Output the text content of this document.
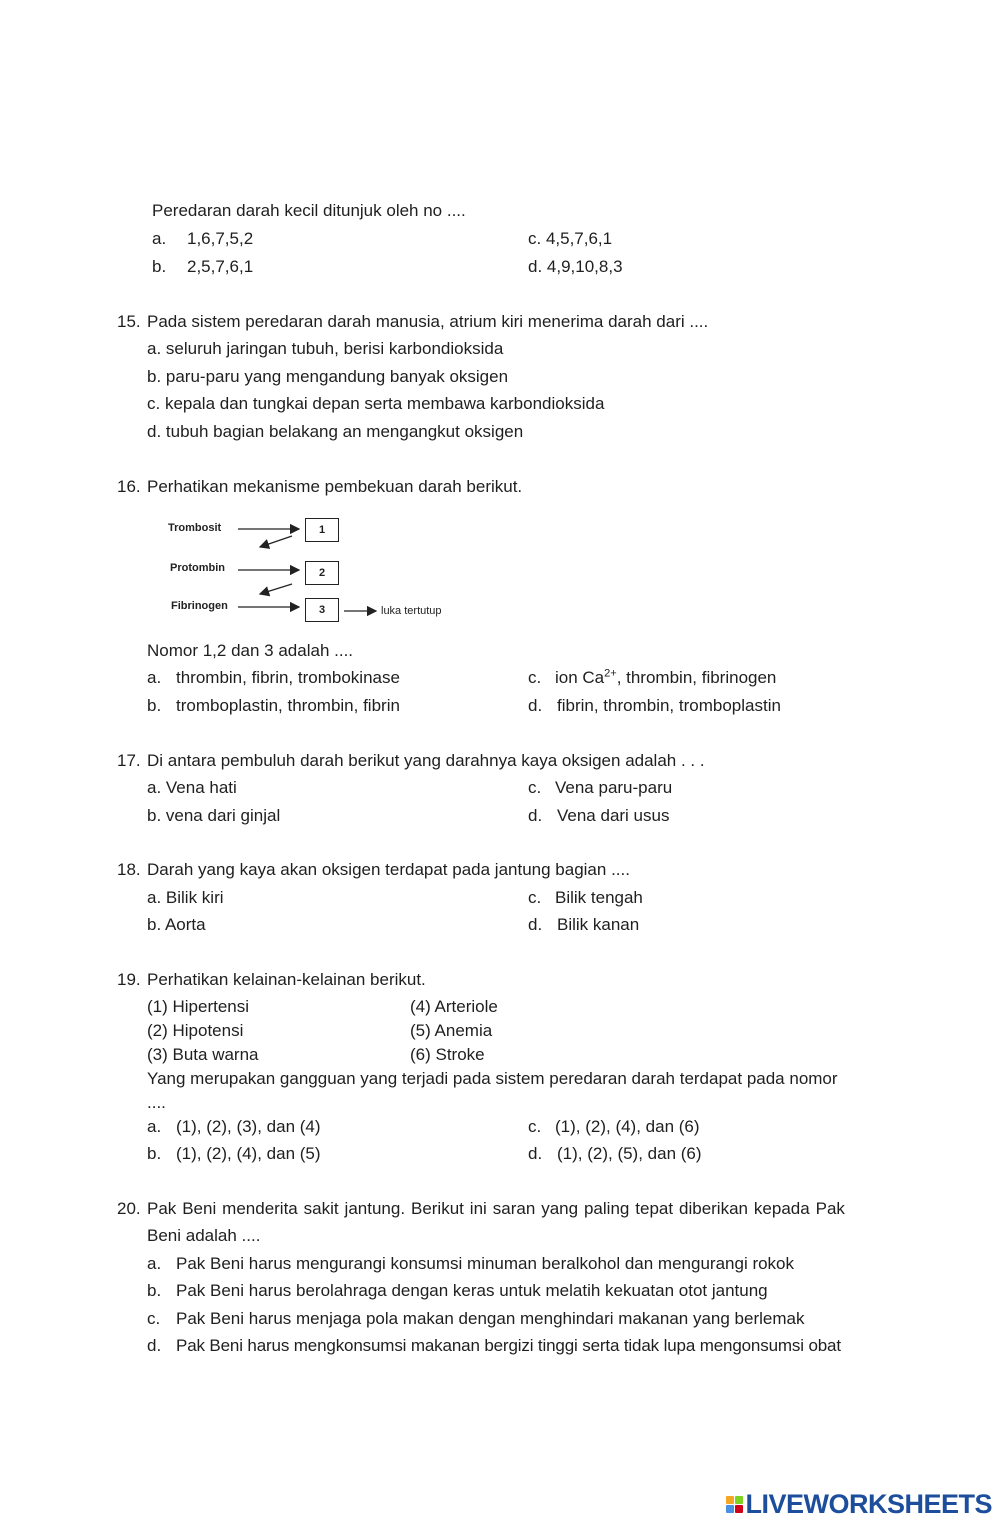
Peredaran darah kecil ditunjuk oleh no ....
a. 1,6,7,5,2
b. 2,5,7,6,1
c. 4,5,7,6,1
d. 4,9,10,8,3
15. Pada sistem peredaran darah manusia, atrium kiri menerima darah dari ....
a. seluruh jaringan tubuh, berisi karbondioksida
b. paru-paru yang mengandung banyak oksigen
c. kepala dan tungkai depan serta membawa karbondioksida
d. tubuh bagian belakang an mengangkut oksigen
16. Perhatikan mekanisme pembekuan darah berikut.
Trombosit
Protombin
Fibrinogen
1
2
3	luka tertutup
Nomor 1,2 dan 3 adalah ....
a. thrombin, fibrin, trombokinase
b. tromboplastin, thrombin, fibrin
c. ion $Ca^{2+}$, thrombin, fibrinogen
d. fibrin, thrombin, tromboplastin
17. Di antara pembuluh darah berikut yang darahnya kaya oksigen adalah . . .
a. Vena hati
b. vena dari ginjal
c. Vena paru-paru
d. Vena dari usus
18. Darah yang kaya akan oksigen terdapat pada jantung bagian ....
a. Bilik kiri
b. Aorta
c. Bilik tengah
d. Bilik kanan
19. Perhatikan kelainan-kelainan berikut.
(1) Hipertensi
(2) Hipotensi
(3) Buta warna
(4) Arteriole
(5) Anemia
(6) Stroke
Yang merupakan gangguan yang terjadi pada sistem peredaran darah terdapat pada nomor
....
a. (1), (2), (3), dan (4)
b. (1), (2), (4), dan (5)
c. (1), (2), (4), dan (6)
d. (1), (2), (5), dan (6)
20. Pak Beni menderita sakit jantung. Berikut ini saran yang paling tepat diberikan kepada Pak
Beni adalah ....
a. Pak Beni harus mengurangi konsumsi minuman beralkohol dan mengurangi rokok
b. Pak Beni harus berolahraga dengan keras untuk melatih kekuatan otot jantung
c. Pak Beni harus menjaga pola makan dengan menghindari makanan yang berlemak
d. Pak Beni harus mengkonsumsi makanan bergizi tinggi serta tidak lupa mengonsumsi obat
LIVEWORKSHEETS
